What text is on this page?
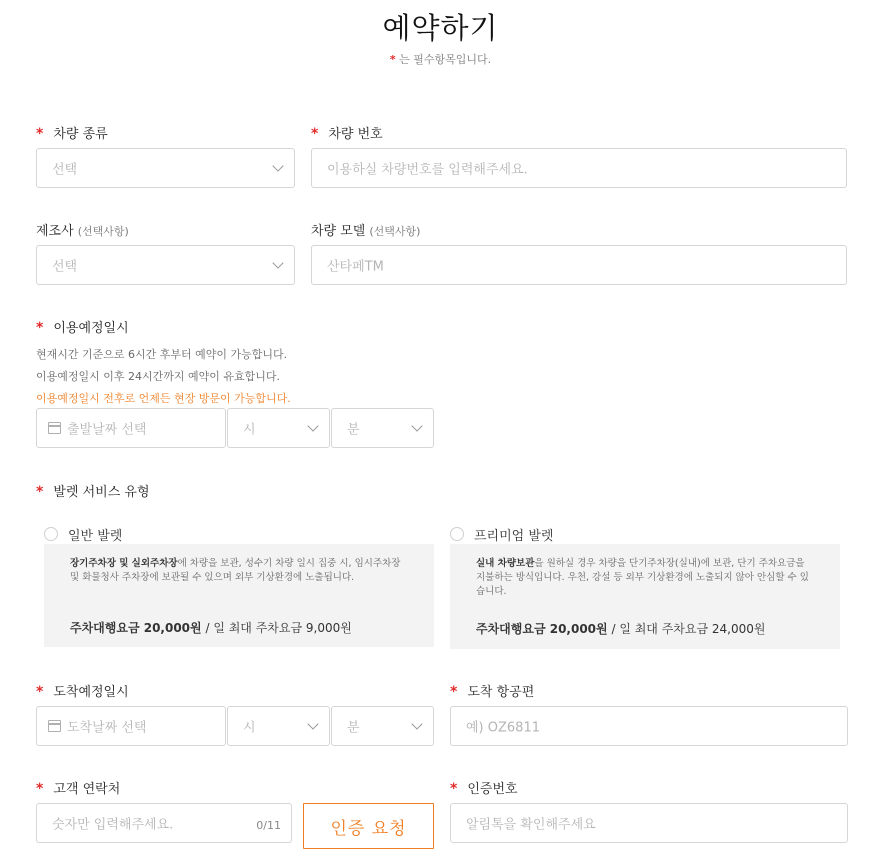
예약하기
* 는 필수항목입니다.
* 차량 종류
선택
* 차량 번호
이용하실 차량번호를 입력해주세요.
제조사 (선택사항)
선택
차량 모델 (선택사항)
산타페TM
* 이용예정일시
현재시간 기준으로 6시간 후부터 예약이 가능합니다.
이용예정일시 이후 24시간까지 예약이 유효합니다.
이용예정일시 전후로 언제든 현장 방문이 가능합니다.
출발날짜 선택	시	분
* 발렛 서비스 유형
일반 발렛
장기주차장 및 실외주차장에 차량을 보관, 성수기 차량 일시 집중 시, 임시주차장
및 화물청사 주차장에 보관될 수 있으며 외부 기상환경에 노출됩니다.
주차대행요금 20,000원 / 일 최대 주차요금 9,000원
프리미엄 발렛
실내 차량보관을 원하실 경우 차량을 단기주차장(실내)에 보관, 단기 주차요금을 지불하는 방식입니다. 우천, 강설 등 외부 기상환경에 노출되지 않아 안심할 수 있습니다.
주차대행요금 20,000원 / 일 최대 주차요금 24,000원
* 도착예정일시
도착날짜 선택	시	분
* 도착 항공편
예) OZ6811
* 고객 연락처
숫자만 입력해주세요.	0/11	인증 요청
* 인증번호
알림톡을 확인해주세요
